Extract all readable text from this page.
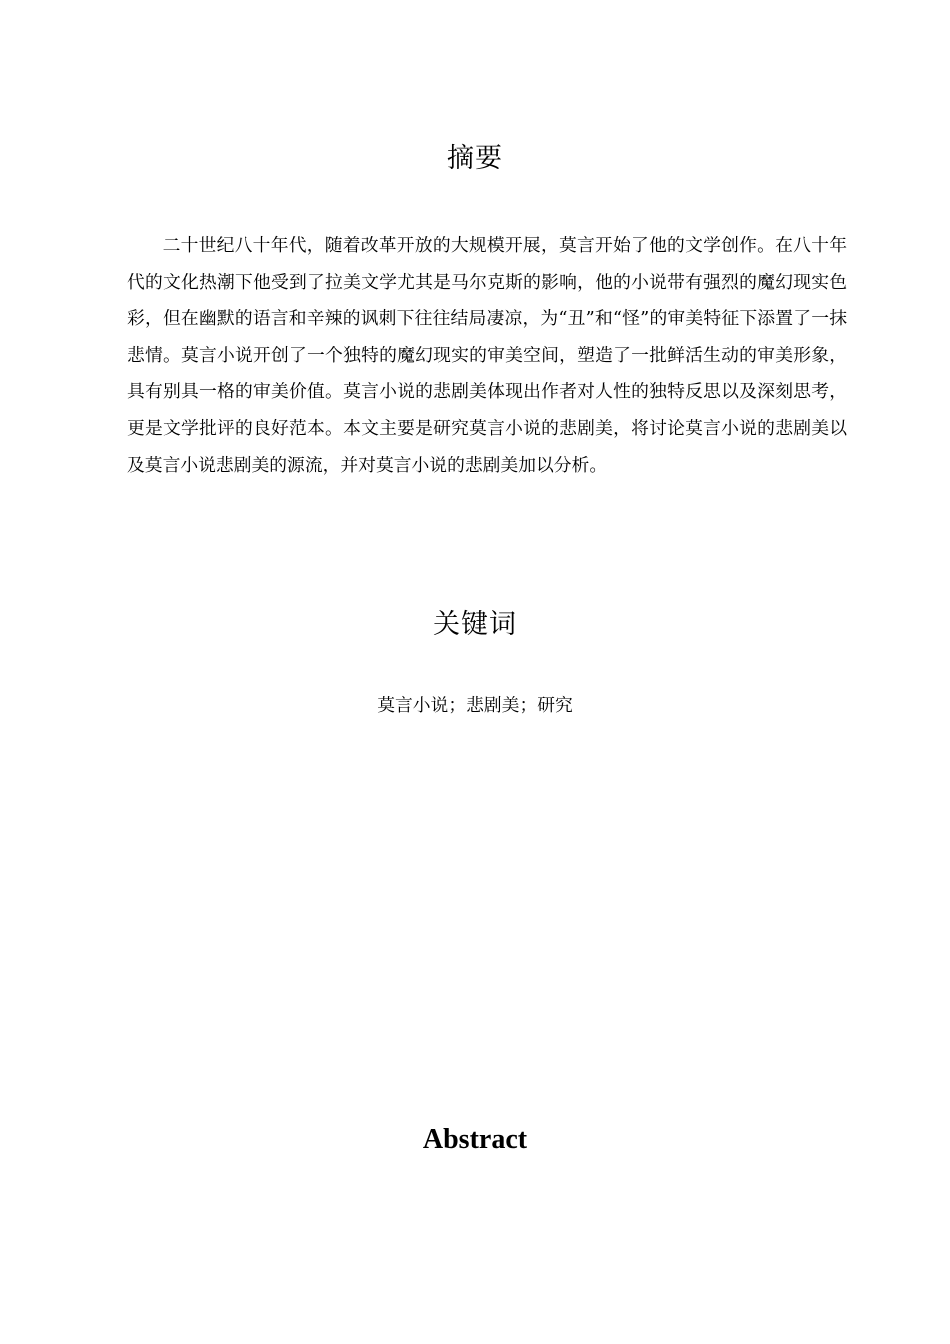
摘要

二十世纪八十年代，随着改革开放的大规模开展，莫言开始了他的文学创作。在八十年代的文化热潮下他受到了拉美文学尤其是马尔克斯的影响，他的小说带有强烈的魔幻现实色彩，但在幽默的语言和辛辣的讽刺下往往结局凄凉，为“丑”和“怪”的审美特征下添置了一抹悲情。莫言小说开创了一个独特的魔幻现实的审美空间，塑造了一批鲜活生动的审美形象，具有别具一格的审美价值。莫言小说的悲剧美体现出作者对人性的独特反思以及深刻思考，更是文学批评的良好范本。本文主要是研究莫言小说的悲剧美，将讨论莫言小说的悲剧美以及莫言小说悲剧美的源流，并对莫言小说的悲剧美加以分析。

关键词

莫言小说；悲剧美；研究

Abstract
